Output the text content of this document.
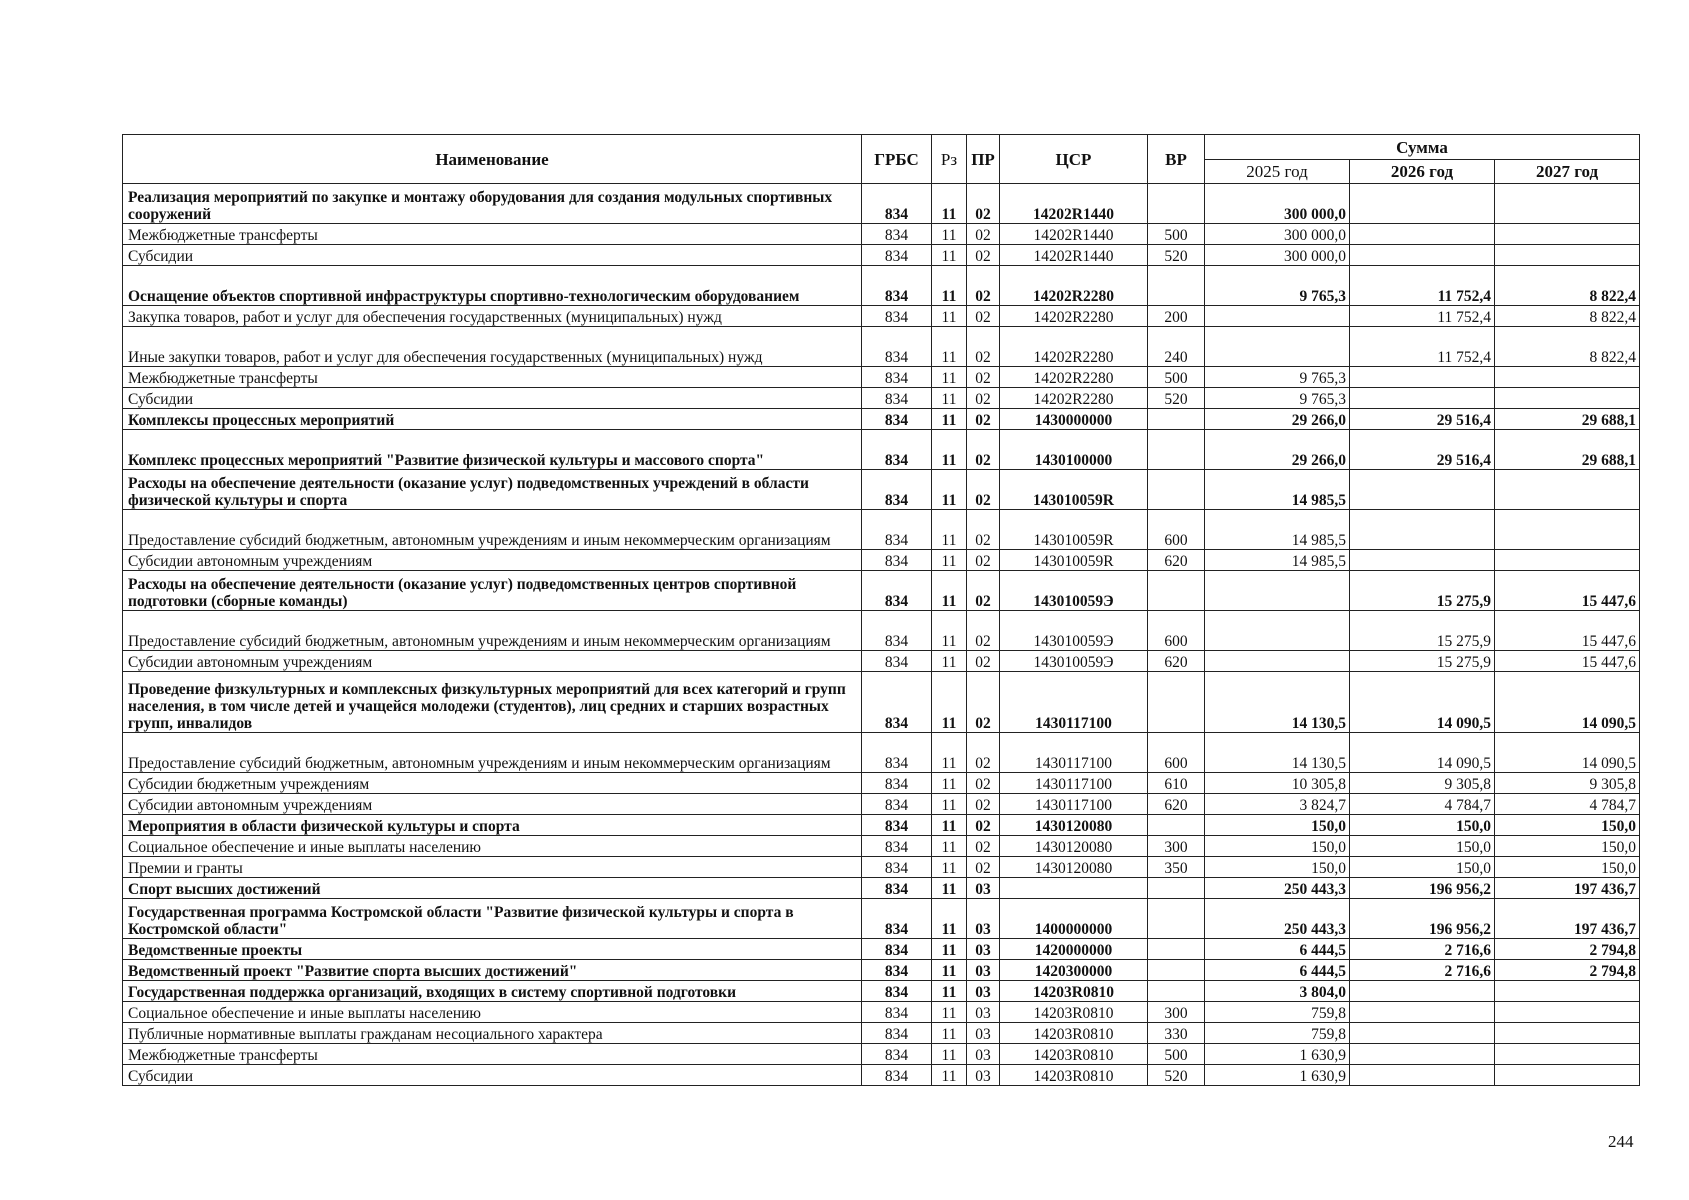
Наименование	ГРБС	Рз	ПР	ЦСР	ВР	Сумма		
						2025 год	2026 год	2027 год
Реализация мероприятий по закупке и монтажу оборудования для создания модульных спортивных сооружений	834	11	02	14202R1440		300 000,0		
Межбюджетные трансферты	834	11	02	14202R1440	500	300 000,0		
Субсидии	834	11	02	14202R1440	520	300 000,0		
Оснащение объектов спортивной инфраструктуры спортивно-технологическим оборудованием	834	11	02	14202R2280		9 765,3	11 752,4	8 822,4
Закупка товаров, работ и услуг для обеспечения государственных (муниципальных) нужд	834	11	02	14202R2280	200		11 752,4	8 822,4
Иные закупки товаров, работ и услуг для обеспечения государственных (муниципальных) нужд	834	11	02	14202R2280	240		11 752,4	8 822,4
Межбюджетные трансферты	834	11	02	14202R2280	500	9 765,3		
Субсидии	834	11	02	14202R2280	520	9 765,3		
Комплексы процессных мероприятий	834	11	02	1430000000		29 266,0	29 516,4	29 688,1
Комплекс процессных мероприятий "Развитие физической культуры и массового спорта"	834	11	02	1430100000		29 266,0	29 516,4	29 688,1
Расходы на обеспечение деятельности (оказание услуг) подведомственных учреждений в области физической культуры и спорта	834	11	02	143010059R		14 985,5		
Предоставление субсидий бюджетным, автономным учреждениям и иным некоммерческим организациям	834	11	02	143010059R	600	14 985,5		
Субсидии автономным учреждениям	834	11	02	143010059R	620	14 985,5		
Расходы на обеспечение деятельности (оказание услуг) подведомственных центров спортивной подготовки (сборные команды)	834	11	02	143010059Э			15 275,9	15 447,6
Предоставление субсидий бюджетным, автономным учреждениям и иным некоммерческим организациям	834	11	02	143010059Э	600		15 275,9	15 447,6
Субсидии автономным учреждениям	834	11	02	143010059Э	620		15 275,9	15 447,6
Проведение физкультурных и комплексных физкультурных мероприятий для всех категорий и групп населения, в том числе детей и учащейся молодежи (студентов), лиц средних и старших возрастных групп, инвалидов	834	11	02	1430117100		14 130,5	14 090,5	14 090,5
Предоставление субсидий бюджетным, автономным учреждениям и иным некоммерческим организациям	834	11	02	1430117100	600	14 130,5	14 090,5	14 090,5
Субсидии бюджетным учреждениям	834	11	02	1430117100	610	10 305,8	9 305,8	9 305,8
Субсидии автономным учреждениям	834	11	02	1430117100	620	3 824,7	4 784,7	4 784,7
Мероприятия в области физической культуры и спорта	834	11	02	1430120080		150,0	150,0	150,0
Социальное обеспечение и иные выплаты населению	834	11	02	1430120080	300	150,0	150,0	150,0
Премии и гранты	834	11	02	1430120080	350	150,0	150,0	150,0
Спорт высших достижений	834	11	03			250 443,3	196 956,2	197 436,7
Государственная программа Костромской области "Развитие физической культуры и спорта в Костромской области"	834	11	03	1400000000		250 443,3	196 956,2	197 436,7
Ведомственные проекты	834	11	03	1420000000		6 444,5	2 716,6	2 794,8
Ведомственный проект "Развитие спорта высших достижений"	834	11	03	1420300000		6 444,5	2 716,6	2 794,8
Государственная поддержка организаций, входящих в систему спортивной подготовки	834	11	03	14203R0810		3 804,0		
Социальное обеспечение и иные выплаты населению	834	11	03	14203R0810	300	759,8		
Публичные нормативные выплаты гражданам несоциального характера	834	11	03	14203R0810	330	759,8		
Межбюджетные трансферты	834	11	03	14203R0810	500	1 630,9		
Субсидии	834	11	03	14203R0810	520	1 630,9		
244
